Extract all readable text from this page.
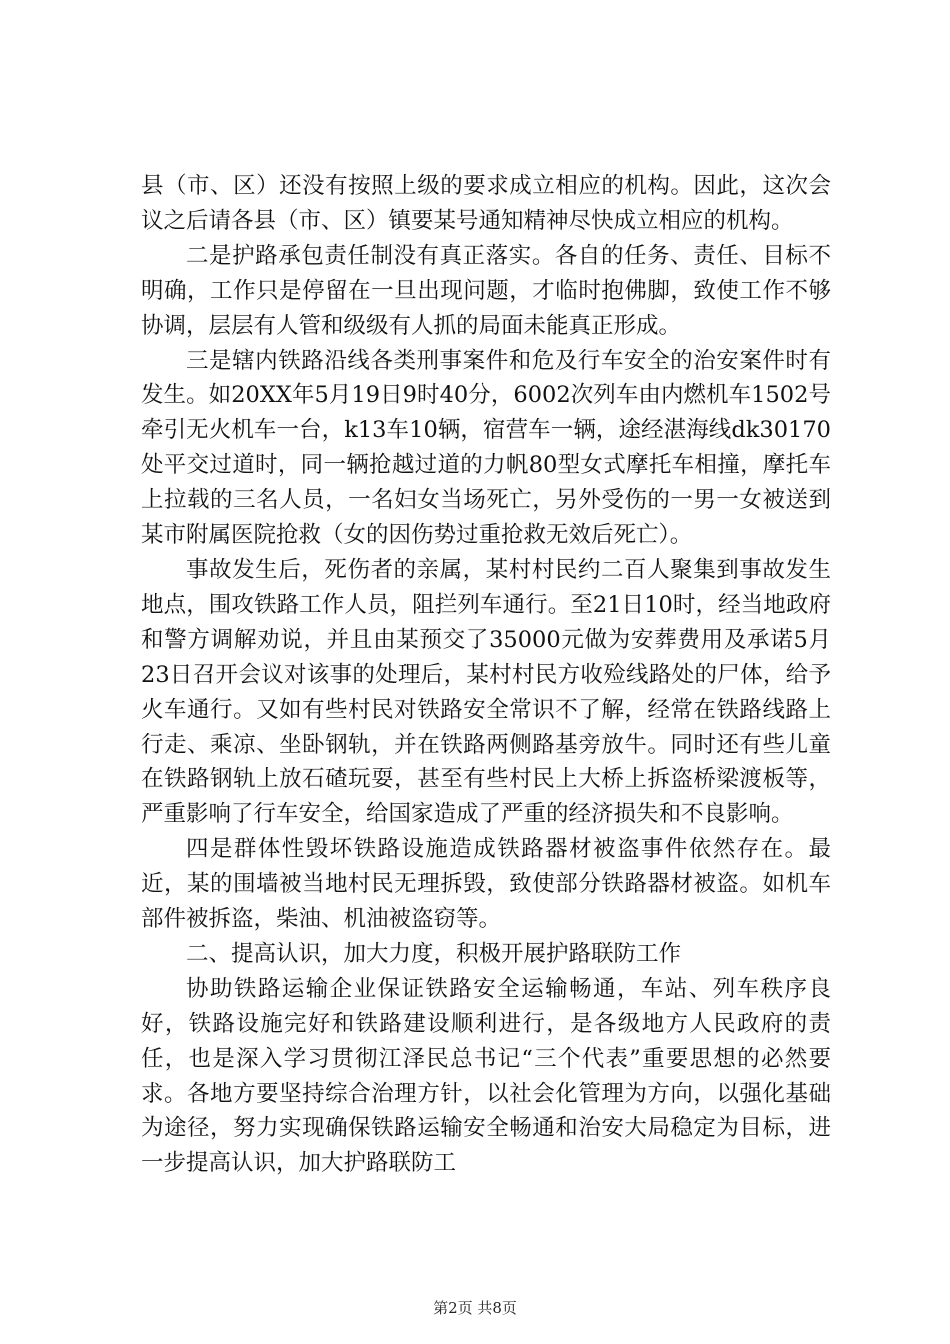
县（市、区）还没有按照上级的要求成立相应的机构。因此，这次会议之后请各县（市、区）镇要某号通知精神尽快成立相应的机构。

二是护路承包责任制没有真正落实。各自的任务、责任、目标不明确，工作只是停留在一旦出现问题，才临时抱佛脚，致使工作不够协调，层层有人管和级级有人抓的局面未能真正形成。

三是辖内铁路沿线各类刑事案件和危及行车安全的治安案件时有发生。如20XX年5月19日9时40分，6002次列车由内燃机车1502号牵引无火机车一台，k13车10辆，宿营车一辆，途经湛海线dk30170处平交过道时，同一辆抢越过道的力帆80型女式摩托车相撞，摩托车上拉载的三名人员，一名妇女当场死亡，另外受伤的一男一女被送到某市附属医院抢救（女的因伤势过重抢救无效后死亡）。

事故发生后，死伤者的亲属，某村村民约二百人聚集到事故发生地点，围攻铁路工作人员，阻拦列车通行。至21日10时，经当地政府和警方调解劝说，并且由某预交了35000元做为安葬费用及承诺5月23日召开会议对该事的处理后，某村村民方收殓线路处的尸体，给予火车通行。又如有些村民对铁路安全常识不了解，经常在铁路线路上行走、乘凉、坐卧钢轨，并在铁路两侧路基旁放牛。同时还有些儿童在铁路钢轨上放石碴玩耍，甚至有些村民上大桥上拆盗桥梁渡板等，严重影响了行车安全，给国家造成了严重的经济损失和不良影响。

四是群体性毁坏铁路设施造成铁路器材被盗事件依然存在。最近，某的围墙被当地村民无理拆毁，致使部分铁路器材被盗。如机车部件被拆盗，柴油、机油被盗窃等。

二、提高认识，加大力度，积极开展护路联防工作

协助铁路运输企业保证铁路安全运输畅通，车站、列车秩序良好，铁路设施完好和铁路建设顺利进行，是各级地方人民政府的责任，也是深入学习贯彻江泽民总书记“三个代表”重要思想的必然要求。各地方要坚持综合治理方针，以社会化管理为方向，以强化基础为途径，努力实现确保铁路运输安全畅通和治安大局稳定为目标，进一步提高认识，加大护路联防工

第2页 共8页
